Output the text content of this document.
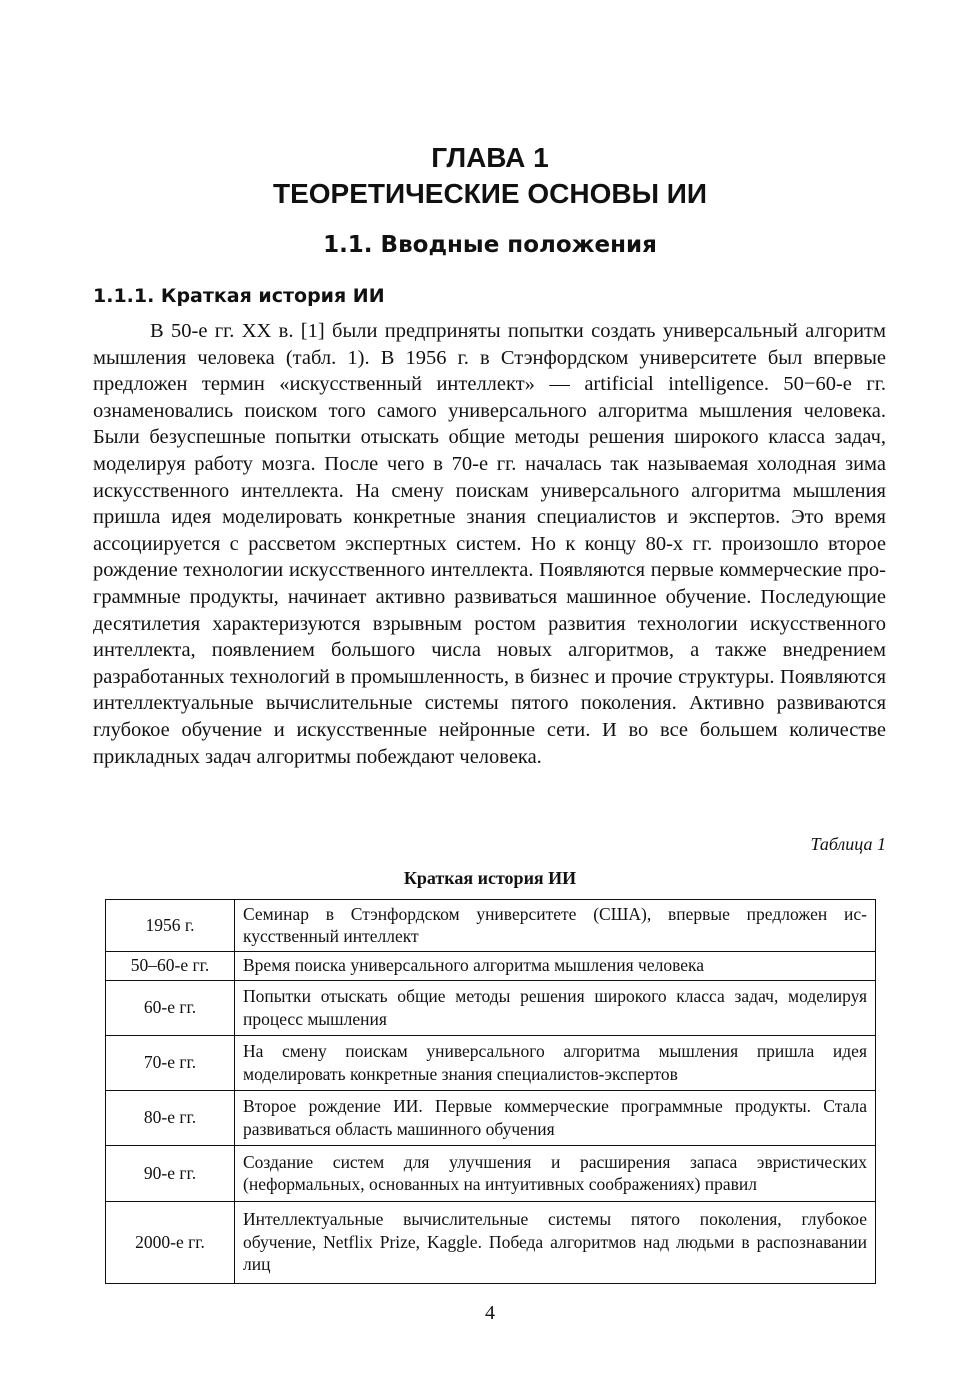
ГЛАВА 1
ТЕОРЕТИЧЕСКИЕ ОСНОВЫ ИИ
1.1. Вводные положения
1.1.1. Краткая история ИИ

В 50-е гг. XX в. [1] были предприняты попытки создать универсальный алгоритм мышления человека (табл. 1). В 1956 г. в Стэнфордском университете был впервые предложен термин «искусственный интеллект» — artificial intelligence. 50−60-е гг. ознаменовались поиском того самого универсального алгоритма мышления человека. Были безуспешные попытки отыскать общие методы решения широкого класса задач, моделируя работу мозга. После чего в 70-е гг. началась так называемая холодная зима искусственного интеллекта. На смену поискам универсального алгоритма мышления пришла идея моделировать конкретные знания специалистов и экспертов. Это время ассоциируется с рассветом экспертных систем. Но к концу 80-х гг. произошло второе рождение технологии искусственного интеллекта. Появляются первые коммерческие программные продукты, начинает активно развиваться машинное обучение. Последующие десятилетия характеризуются взрывным ростом развития технологии искусственного интеллекта, появлением большого числа новых алгоритмов, а также внедрением разработанных технологий в промышленность, в бизнес и прочие структуры. Появляются интеллектуальные вычислительные системы пятого поколения. Активно развиваются глубокое обучение и искусственные нейронные сети. И во все большем количестве прикладных задач алгоритмы побеждают человека.

Таблица 1
Краткая история ИИ
1956 г.	Семинар в Стэнфордском университете (США), впервые предложен искусственный интеллект
50–60-е гг.	Время поиска универсального алгоритма мышления человека
60-е гг.	Попытки отыскать общие методы решения широкого класса задач, моделируя процесс мышления
70-е гг.	На смену поискам универсального алгоритма мышления пришла идея моделировать конкретные знания специалистов-экспертов
80-е гг.	Второе рождение ИИ. Первые коммерческие программные продукты. Стала развиваться область машинного обучения
90-е гг.	Создание систем для улучшения и расширения запаса эвристических (неформальных, основанных на интуитивных соображениях) правил
2000-е гг.	Интеллектуальные вычислительные системы пятого поколения, глубокое обучение, Netflix Prize, Kaggle. Победа алгоритмов над людьми в распознавании лиц
4
